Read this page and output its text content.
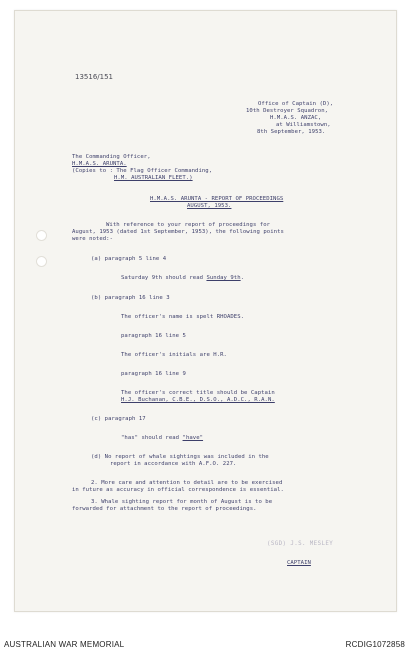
13516/151
Office of Captain (D),
10th Destroyer Squadron,
H.M.A.S. ANZAC,
at Williamstown,
8th September, 1953.
The Commanding Officer,
H.M.A.S. ARUNTA.
(Copies to : The Flag Officer Commanding,
H.M. AUSTRALIAN FLEET.)
H.M.A.S. ARUNTA - REPORT OF PROCEEDINGS
AUGUST, 1953.
With reference to your report of proceedings for
August, 1953 (dated 1st September, 1953), the following points
were noted:-
(a) paragraph 5 line 4
Saturday 9th should read Sunday 9th.
(b) paragraph 16 line 3
The officer's name is spelt RHOADES.
paragraph 16 line 5
The officer's initials are H.R.
paragraph 16 line 9
The officer's correct title should be Captain
H.J. Buchanan, C.B.E., D.S.O., A.D.C., R.A.N.
(c) paragraph 17
"has" should read "have"
(d) No report of whale sightings was included in the
report in accordance with A.F.O. 227.
2. More care and attention to detail are to be exercised
in future as accuracy in official correspondence is essential.
3. Whale sighting report for month of August is to be
forwarded for attachment to the report of proceedings.
(SGD) J.S. MESLEY
CAPTAIN
AUSTRALIAN WAR MEMORIAL	RCDIG1072858
